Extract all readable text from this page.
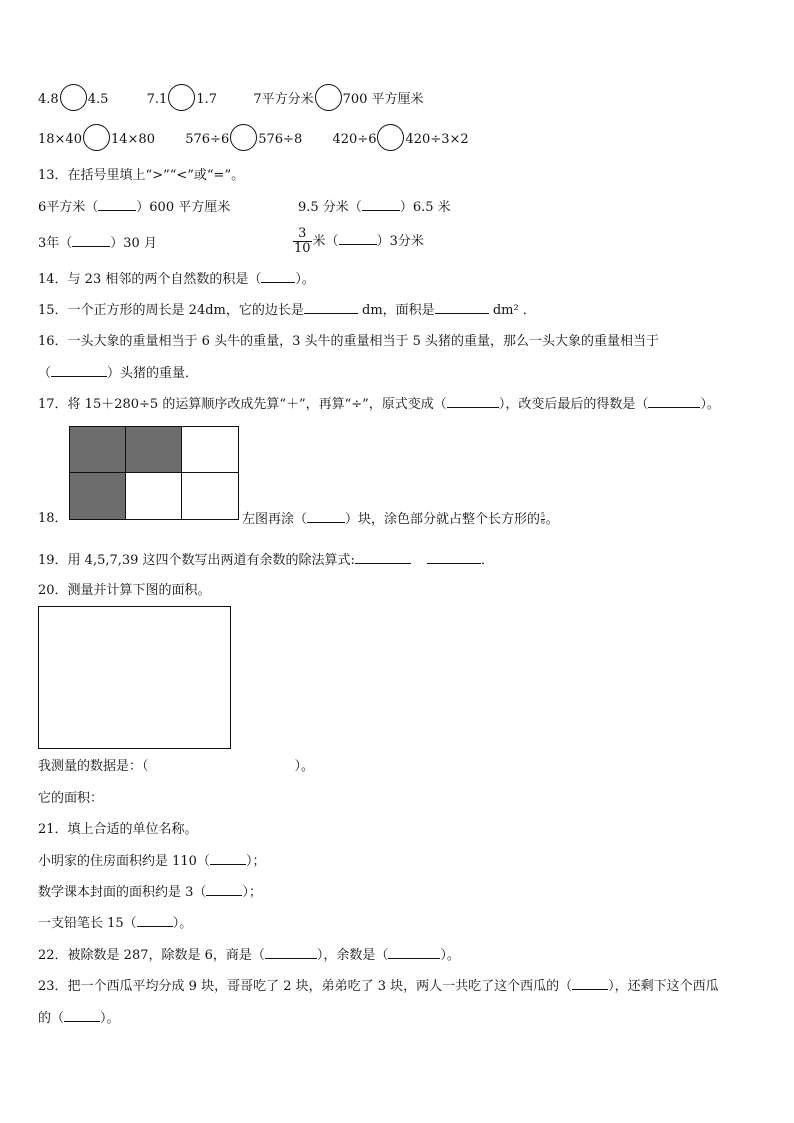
4.8 4.5	7.1 1.7	7平方分米 700 平方厘米
18×40 14×80 576÷6 576÷8 420÷6 420÷3×2
13．在括号里填上“>”“<”或“=”。
6平方米（	）600 平方厘米	9.5 分米（	）6.5 米
3年（	）30 月	$\frac{3}{10}$ 米（	）3分米
14．与 23 相邻的两个自然数的积是（	）。
15．一个正方形的周长是 24dm，它的边长是	dm，面积是	dm² ．
16．一头大象的重量相当于 6 头牛的重量，3 头牛的重量相当于 5 头猪的重量，那么一头大象的重量相当于
（	）头猪的重量．
17．将 15＋280÷5 的运算顺序改成先算“＋”，再算“÷”，原式变成（	），改变后最后的得数是（	）。
18．	左图再涂（	）块，涂色部分就占整个长方形的 $\frac{5}{6}$ 。
19．用 4,5,7,39 这四个数写出两道有余数的除法算式:	．
20．测量并计算下图的面积。
我测量的数据是：（	）。
它的面积：
21．填上合适的单位名称。
小明家的住房面积约是 110（	）；
数学课本封面的面积约是 3（	）；
一支铅笔长 15（	）。
22．被除数是 287，除数是 6，商是（	），余数是（	）。
23．把一个西瓜平均分成 9 块，哥哥吃了 2 块，弟弟吃了 3 块，两人一共吃了这个西瓜的（	），还剩下这个西瓜
的（	）。
